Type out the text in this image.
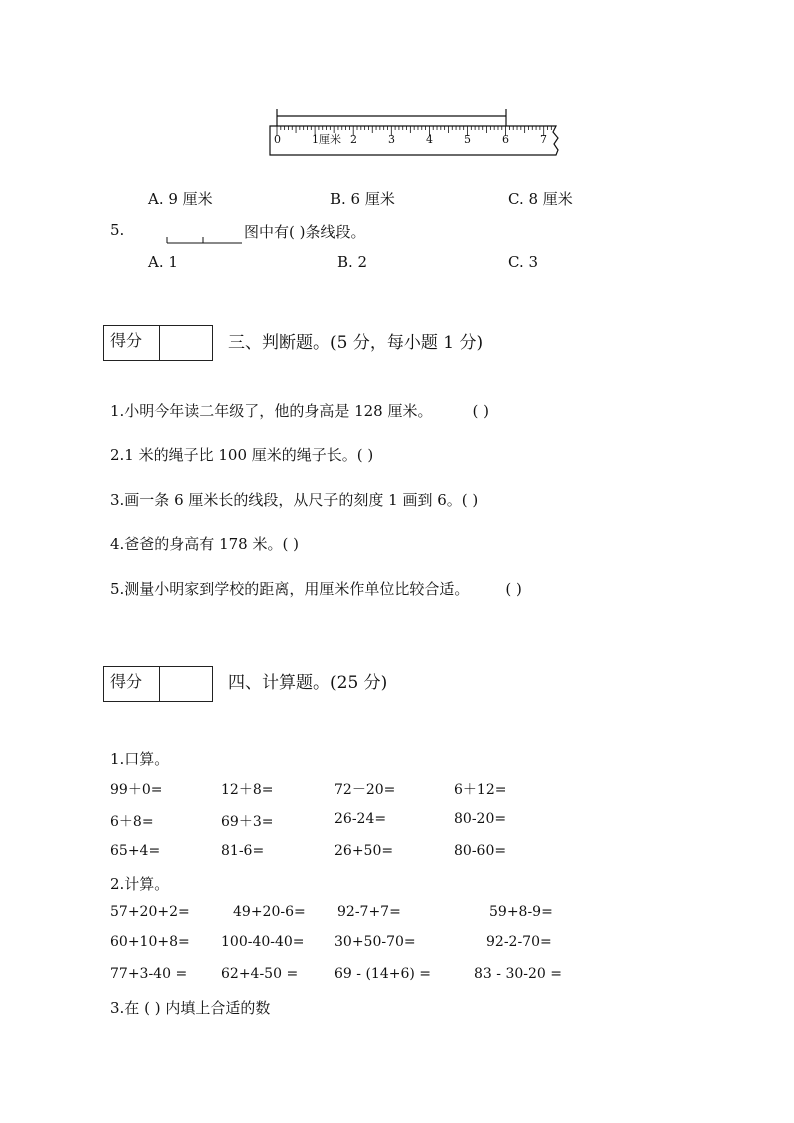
0	1厘米 2	3	4	5	6	7
A. 9 厘米	B. 6 厘米	C. 8 厘米
5.	图中有( )条线段。
A. 1	B. 2	C. 3
得分	三、判断题。(5 分，每小题 1 分)
1.小明今年读二年级了，他的身高是 128 厘米。	( )
2.1 米的绳子比 100 厘米的绳子长。( )
3.画一条 6 厘米长的线段，从尺子的刻度 1 画到 6。( )
4.爸爸的身高有 178 米。( )
5.测量小明家到学校的距离，用厘米作单位比较合适。 ( )
得分	四、计算题。(25 分)
1.口算。
99＋0=	12＋8=	72－20=	6＋12=
6＋8=	69＋3=	26-24=	80-20=
65+4=	81-6=	26+50=	80-60=
2.计算。
57+20+2=	49+20-6= 92-7+7=	59+8-9=
60+10+8= 100-40-40= 30+50-70=	92-2-70=
77+3-40 = 62+4-50 =	69 - (14+6) =	83 - 30-20 =
3.在 ( ) 内填上合适的数
